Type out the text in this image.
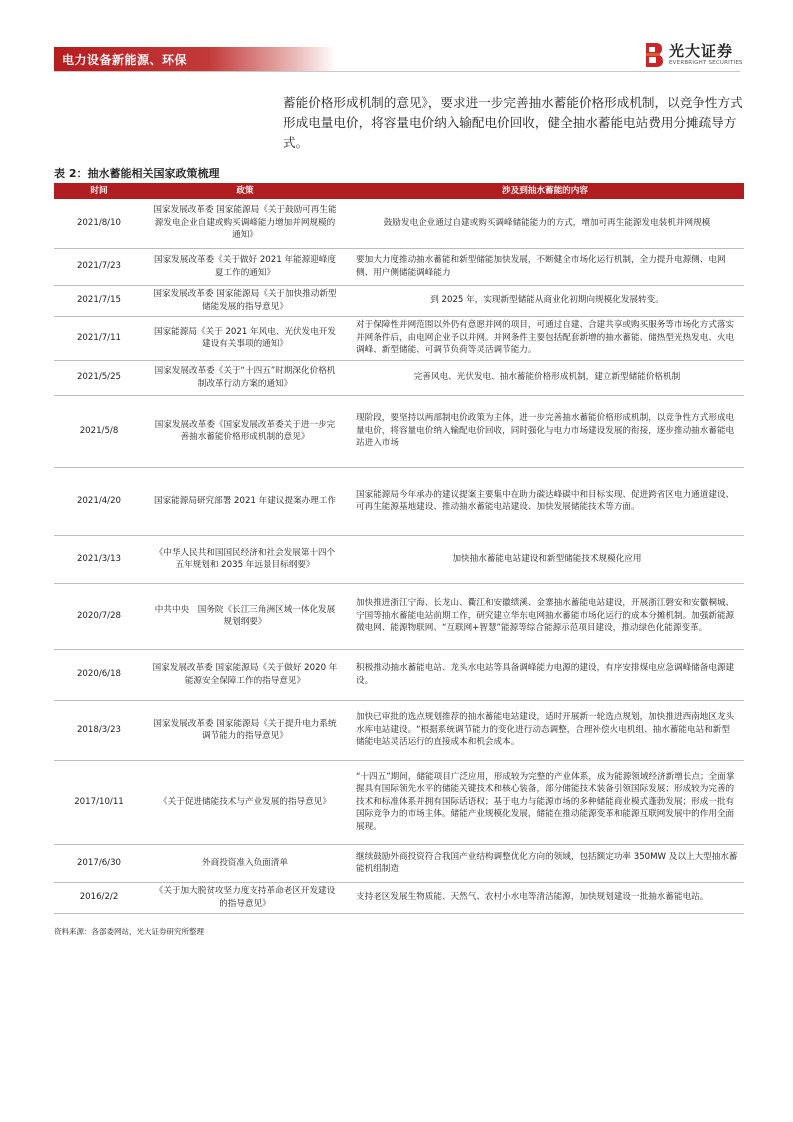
电力设备新能源、环保	光大证券
EVERBRIGHT SECURITIES
蓄能价格形成机制的意见》，要求进一步完善抽水蓄能价格形成机制，以竞争性方式形成电量电价，将容量电价纳入输配电价回收，健全抽水蓄能电站费用分摊疏导方式。
表 2：抽水蓄能相关国家政策梳理
时间	政策	涉及到抽水蓄能的内容
2021/8/10	国家发展改革委 国家能源局《关于鼓励可再生能源发电企业自建或购买调峰能力增加并网规模的通知》	鼓励发电企业通过自建或购买调峰储能能力的方式，增加可再生能源发电装机并网规模
2021/7/23	国家发展改革委《关于做好 2021 年能源迎峰度夏工作的通知》	要加大力度推动抽水蓄能和新型储能加快发展，不断健全市场化运行机制，全力提升电源侧、电网侧、用户侧储能调峰能力
2021/7/15	国家发展改革委 国家能源局《关于加快推动新型储能发展的指导意见》	到 2025 年，实现新型储能从商业化初期向规模化发展转变。
2021/7/11	国家能源局《关于 2021 年风电、光伏发电开发建设有关事项的通知》	对于保障性并网范围以外仍有意愿并网的项目，可通过自建、合建共享或购买服务等市场化方式落实并网条件后，由电网企业予以并网。并网条件主要包括配套新增的抽水蓄能、储热型光热发电、火电调峰、新型储能、可调节负荷等灵活调节能力。
2021/5/25	国家发展改革委《关于“十四五”时期深化价格机制改革行动方案的通知》	完善风电、光伏发电、抽水蓄能价格形成机制，建立新型储能价格机制
2021/5/8	国家发展改革委《国家发展改革委关于进一步完善抽水蓄能价格形成机制的意见》	现阶段，要坚持以两部制电价政策为主体，进一步完善抽水蓄能价格形成机制，以竞争性方式形成电量电价，将容量电价纳入输配电价回收，同时强化与电力市场建设发展的衔接，逐步推动抽水蓄能电站进入市场
2021/4/20	国家能源局研究部署 2021 年建议提案办理工作	国家能源局今年承办的建议提案主要集中在助力碳达峰碳中和目标实现、促进跨省区电力通道建设、可再生能源基地建设、推动抽水蓄能电站建设、加快发展储能技术等方面。
2021/3/13	《中华人民共和国国民经济和社会发展第十四个五年规划和 2035 年远景目标纲要》	加快抽水蓄能电站建设和新型储能技术规模化应用
2020/7/28	中共中央　国务院《长江三角洲区域一体化发展规划纲要》	加快推进浙江宁海、长龙山、衢江和安徽绩溪、金寨抽水蓄能电站建设，开展浙江磐安和安徽桐城、宁国等抽水蓄能电站前期工作，研究建立华东电网抽水蓄能市场化运行的成本分摊机制。加强新能源微电网、能源物联网、“互联网+智慧”能源等综合能源示范项目建设，推动绿色化能源变革。
2020/6/18	国家发展改革委 国家能源局《关于做好 2020 年能源安全保障工作的指导意见》	积极推动抽水蓄能电站、龙头水电站等具备调峰能力电源的建设，有序安排煤电应急调峰储备电源建设。
2018/3/23	国家发展改革委 国家能源局《关于提升电力系统调节能力的指导意见》	加快已审批的选点规划推荐的抽水蓄能电站建设，适时开展新一轮选点规划，加快推进西南地区龙头水库电站建设。“根据系统调节能力的变化进行动态调整，合理补偿火电机组、抽水蓄能电站和新型储能电站灵活运行的直接成本和机会成本。
2017/10/11	《关于促进储能技术与产业发展的指导意见》	“十四五”期间，储能项目广泛应用，形成较为完整的产业体系，成为能源领域经济新增长点；全面掌握具有国际领先水平的储能关键技术和核心装备，部分储能技术装备引领国际发展；形成较为完善的技术和标准体系并拥有国际话语权；基于电力与能源市场的多种储能商业模式蓬勃发展；形成一批有国际竞争力的市场主体。储能产业规模化发展，储能在推动能源变革和能源互联网发展中的作用全面展现。
2017/6/30	外商投资准入负面清单	继续鼓励外商投资符合我国产业结构调整优化方向的领域，包括额定功率 350MW 及以上大型抽水蓄能机组制造
2016/2/2	《关于加大脱贫攻坚力度支持革命老区开发建设的指导意见》	支持老区发展生物质能、天然气、农村小水电等清洁能源，加快规划建设一批抽水蓄能电站。
资料来源：各部委网站，光大证券研究所整理
